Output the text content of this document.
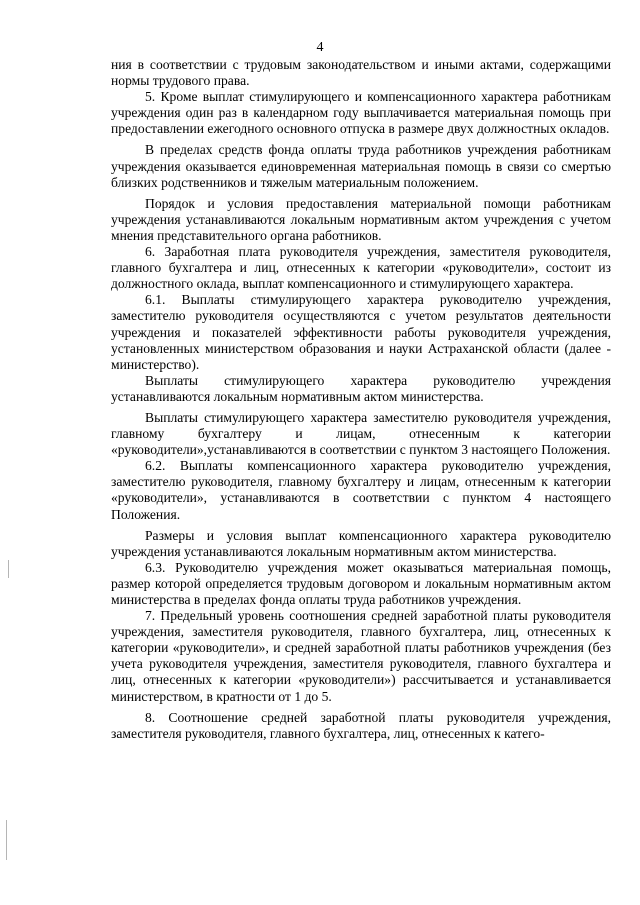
4

ния в соответствии с трудовым законодательством и иными актами, содержащими нормы трудового права.

5. Кроме выплат стимулирующего и компенсационного характера работникам учреждения один раз в календарном году выплачивается материальная помощь при предоставлении ежегодного основного отпуска в размере двух должностных окладов.

В пределах средств фонда оплаты труда работников учреждения работникам учреждения оказывается единовременная материальная помощь в связи со смертью близких родственников и тяжелым материальным положением.

Порядок и условия предоставления материальной помощи работникам учреждения устанавливаются локальным нормативным актом учреждения с учетом мнения представительного органа работников.

6. Заработная плата руководителя учреждения, заместителя руководителя, главного бухгалтера и лиц, отнесенных к категории «руководители», состоит из должностного оклада, выплат компенсационного и стимулирующего характера.

6.1. Выплаты стимулирующего характера руководителю учреждения, заместителю руководителя осуществляются с учетом результатов деятельности учреждения и показателей эффективности работы руководителя учреждения, установленных министерством образования и науки Астраханской области (далее - министерство).

Выплаты стимулирующего характера руководителю учреждения устанавливаются локальным нормативным актом министерства.

Выплаты стимулирующего характера заместителю руководителя учреждения, главному бухгалтеру и лицам, отнесенным к категории «руководители»,устанавливаются в соответствии с пунктом 3 настоящего Положения.

6.2. Выплаты компенсационного характера руководителю учреждения, заместителю руководителя, главному бухгалтеру и лицам, отнесенным к категории «руководители», устанавливаются в соответствии с пунктом 4 настоящего Положения.

Размеры и условия выплат компенсационного характера руководителю учреждения устанавливаются локальным нормативным актом министерства.

6.3. Руководителю учреждения может оказываться материальная помощь, размер которой определяется трудовым договором и локальным нормативным актом министерства в пределах фонда оплаты труда работников учреждения.

7. Предельный уровень соотношения средней заработной платы руководителя учреждения, заместителя руководителя, главного бухгалтера, лиц, отнесенных к категории «руководители», и средней заработной платы работников учреждения (без учета руководителя учреждения, заместителя руководителя, главного бухгалтера и лиц, отнесенных к категории «руководители») рассчитывается и устанавливается министерством, в кратности от 1 до 5.

8. Соотношение средней заработной платы руководителя учреждения, заместителя руководителя, главного бухгалтера, лиц, отнесенных к катего-
